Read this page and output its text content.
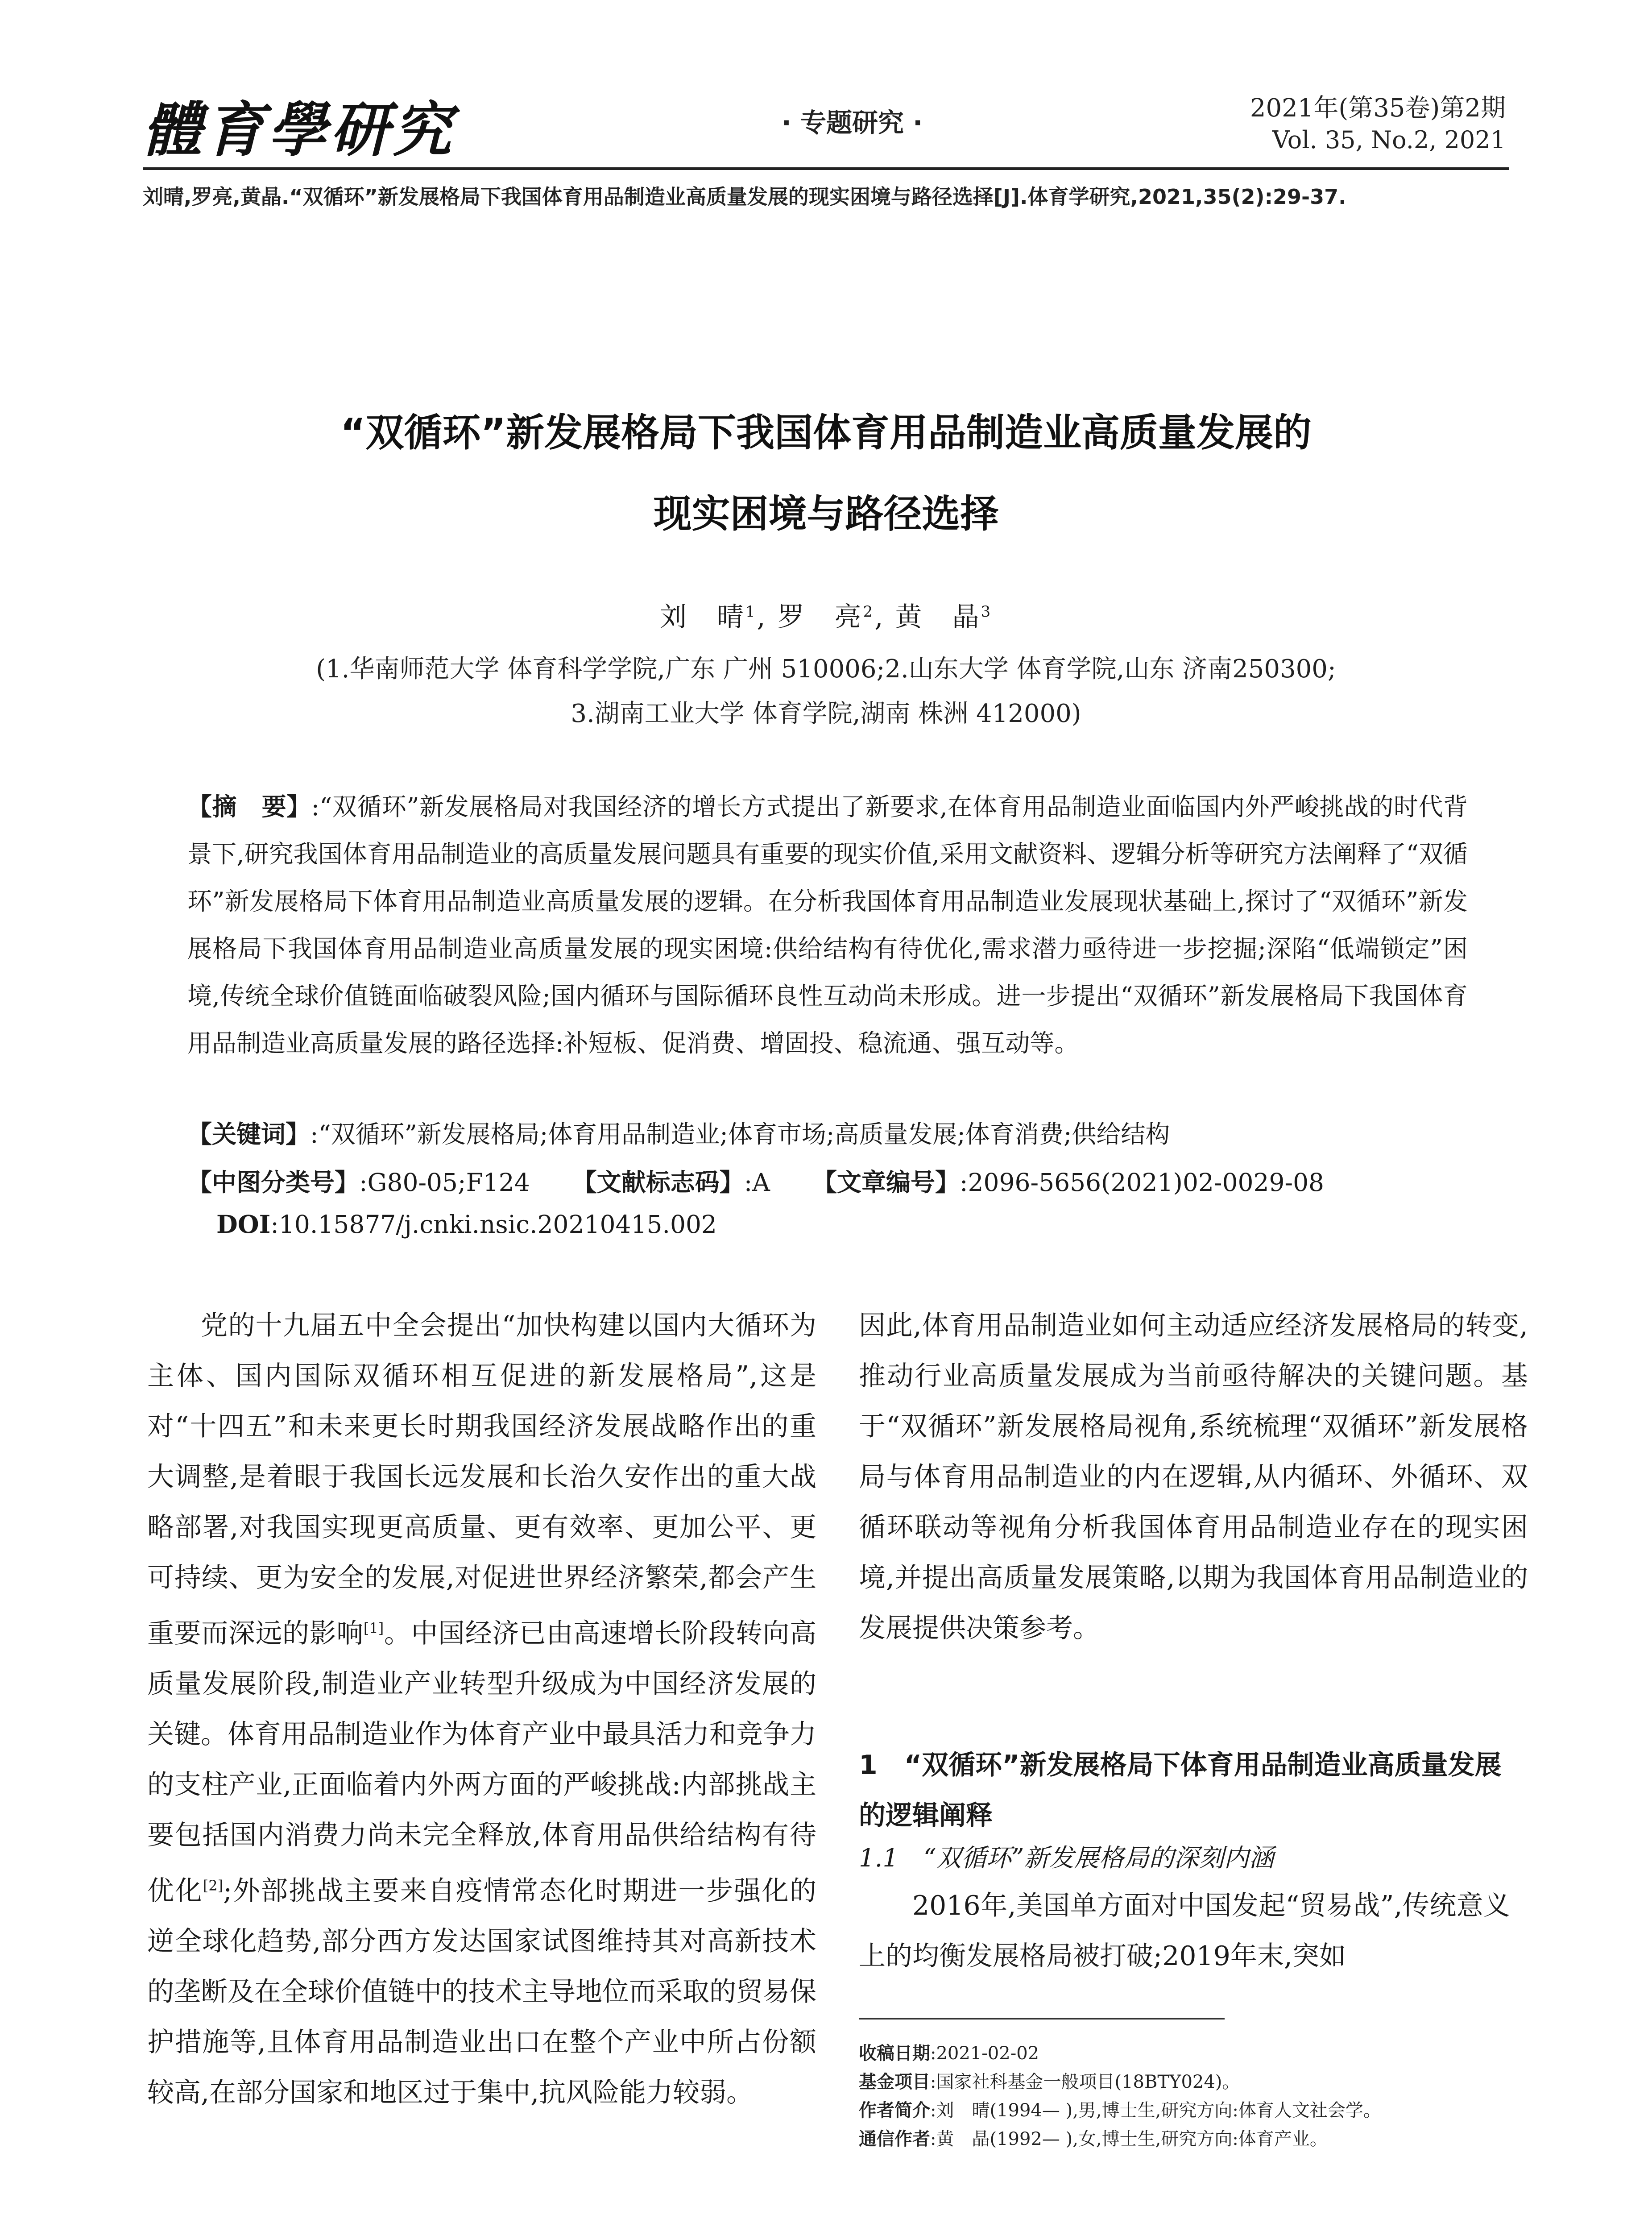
體育學研究	· 专题研究 ·	2021年(第35卷)第2期
Vol. 35, No.2, 2021
刘晴,罗亮,黄晶.“双循环”新发展格局下我国体育用品制造业高质量发展的现实困境与路径选择[J].体育学研究,2021,35(2):29-37.
“双循环”新发展格局下我国体育用品制造业高质量发展的
现实困境与路径选择
刘　晴$^1$, 罗　亮$^2$, 黄　晶$^3$
(1.华南师范大学 体育科学学院,广东 广州 510006;2.山东大学 体育学院,山东 济南250300;
3.湖南工业大学 体育学院,湖南 株洲 412000)
【摘　要】:“双循环”新发展格局对我国经济的增长方式提出了新要求,在体育用品制造业面临国内外严峻挑战的时代背景下,研究我国体育用品制造业的高质量发展问题具有重要的现实价值,采用文献资料、逻辑分析等研究方法阐释了“双循环”新发展格局下体育用品制造业高质量发展的逻辑。在分析我国体育用品制造业发展现状基础上,探讨了“双循环”新发展格局下我国体育用品制造业高质量发展的现实困境:供给结构有待优化,需求潜力亟待进一步挖掘;深陷“低端锁定”困境,传统全球价值链面临破裂风险;国内循环与国际循环良性互动尚未形成。进一步提出“双循环”新发展格局下我国体育用品制造业高质量发展的路径选择:补短板、促消费、增固投、稳流通、强互动等。
【关键词】:“双循环”新发展格局;体育用品制造业;体育市场;高质量发展;体育消费;供给结构
【中图分类号】:G80-05;F124 【文献标志码】:A 【文章编号】:2096-5656(2021)02-0029-08
DOI:10.15877/j.cnki.nsic.20210415.002

党的十九届五中全会提出“加快构建以国内大循环为主体、国内国际双循环相互促进的新发展格局”,这是对“十四五”和未来更长时期我国经济发展战略作出的重大调整,是着眼于我国长远发展和长治久安作出的重大战略部署,对我国实现更高质量、更有效率、更加公平、更可持续、更为安全的发展,对促进世界经济繁荣,都会产生重要而深远的影响[1]。中国经济已由高速增长阶段转向高质量发展阶段,制造业产业转型升级成为中国经济发展的关键。体育用品制造业作为体育产业中最具活力和竞争力的支柱产业,正面临着内外两方面的严峻挑战:内部挑战主要包括国内消费力尚未完全释放,体育用品供给结构有待优化[2];外部挑战主要来自疫情常态化时期进一步强化的逆全球化趋势,部分西方发达国家试图维持其对高新技术的垄断及在全球价值链中的技术主导地位而采取的贸易保护措施等,且体育用品制造业出口在整个产业中所占份额较高,在部分国家和地区过于集中,抗风险能力较弱。

因此,体育用品制造业如何主动适应经济发展格局的转变,推动行业高质量发展成为当前亟待解决的关键问题。基于“双循环”新发展格局视角,系统梳理“双循环”新发展格局与体育用品制造业的内在逻辑,从内循环、外循环、双循环联动等视角分析我国体育用品制造业存在的现实困境,并提出高质量发展策略,以期为我国体育用品制造业的发展提供决策参考。

1　“双循环”新发展格局下体育用品制造业高质量发展的逻辑阐释
1.1　“双循环”新发展格局的深刻内涵

2016年,美国单方面对中国发起“贸易战”,传统意义上的均衡发展格局被打破;2019年末,突如

收稿日期:2021-02-02
基金项目:国家社科基金一般项目(18BTY024)。
作者简介:刘　晴(1994— ),男,博士生,研究方向:体育人文社会学。
通信作者:黄　晶(1992— ),女,博士生,研究方向:体育产业。
